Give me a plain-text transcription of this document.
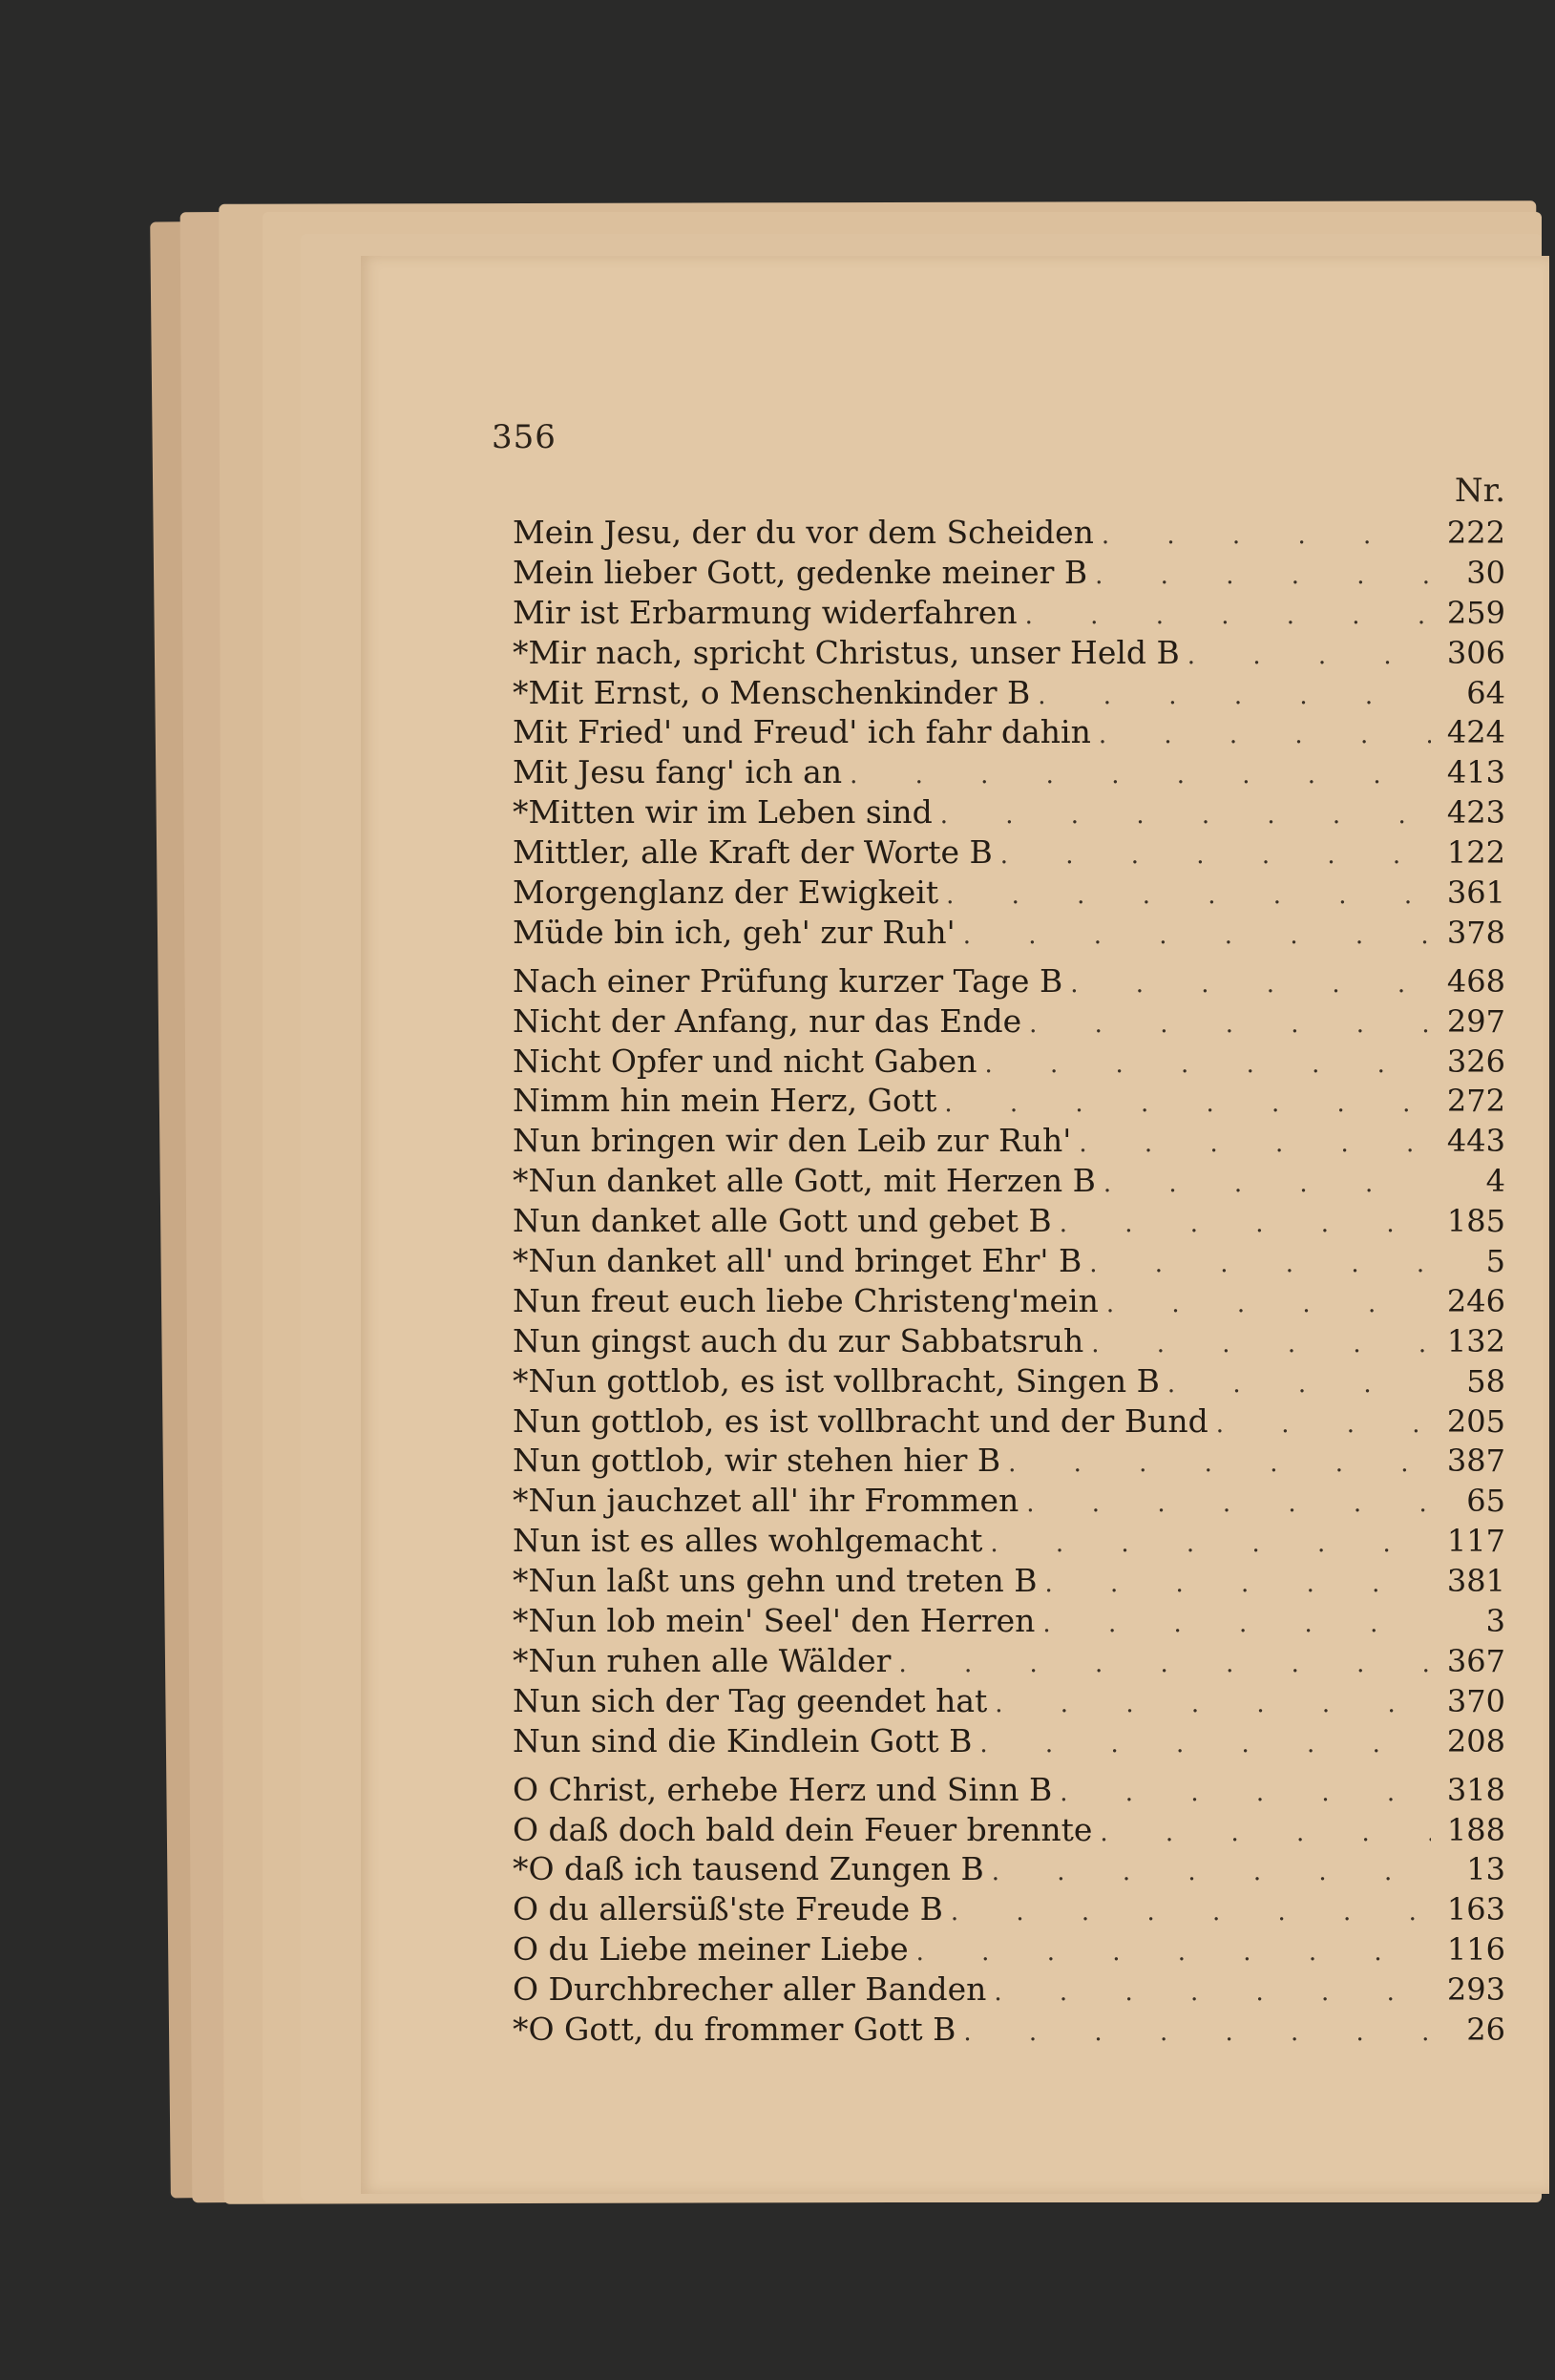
356
Nr.
Mein Jesu, der du vor dem Scheiden . . .	222
Mein lieber Gott, gedenke meiner B . . .	30
Mir ist Erbarmung widerfahren . . .	259
*Mir nach, spricht Christus, unser Held B . . .	306
*Mit Ernst, o Menschenkinder B . . .	64
Mit Fried' und Freud' ich fahr dahin . . .	424
Mit Jesu fang' ich an . . .	413
*Mitten wir im Leben sind . . .	423
Mittler, alle Kraft der Worte B . . .	122
Morgenglanz der Ewigkeit . . .	361
Müde bin ich, geh' zur Ruh' . . .	378
Nach einer Prüfung kurzer Tage B . . .	468
Nicht der Anfang, nur das Ende . . .	297
Nicht Opfer und nicht Gaben . . .	326
Nimm hin mein Herz, Gott . . .	272
Nun bringen wir den Leib zur Ruh' . . .	443
*Nun danket alle Gott, mit Herzen B . . .	4
Nun danket alle Gott und gebet B . . .	185
*Nun danket all' und bringet Ehr' B . . .	5
Nun freut euch liebe Christeng'mein . . .	246
Nun gingst auch du zur Sabbatsruh . . .	132
*Nun gottlob, es ist vollbracht, Singen B . . .	58
Nun gottlob, es ist vollbracht und der Bund . . .	205
Nun gottlob, wir stehen hier B . . .	387
*Nun jauchzet all' ihr Frommen . . .	65
Nun ist es alles wohlgemacht . . .	117
*Nun laßt uns gehn und treten B . . .	381
*Nun lob mein' Seel' den Herren . . .	3
*Nun ruhen alle Wälder . . .	367
Nun sich der Tag geendet hat . . .	370
Nun sind die Kindlein Gott B . . .	208
O Christ, erhebe Herz und Sinn B . . .	318
O daß doch bald dein Feuer brennte . . .	188
*O daß ich tausend Zungen B . . .	13
O du allersüß'ste Freude B . . .	163
O du Liebe meiner Liebe . . .	116
O Durchbrecher aller Banden . . .	293
*O Gott, du frommer Gott B . . .	26
